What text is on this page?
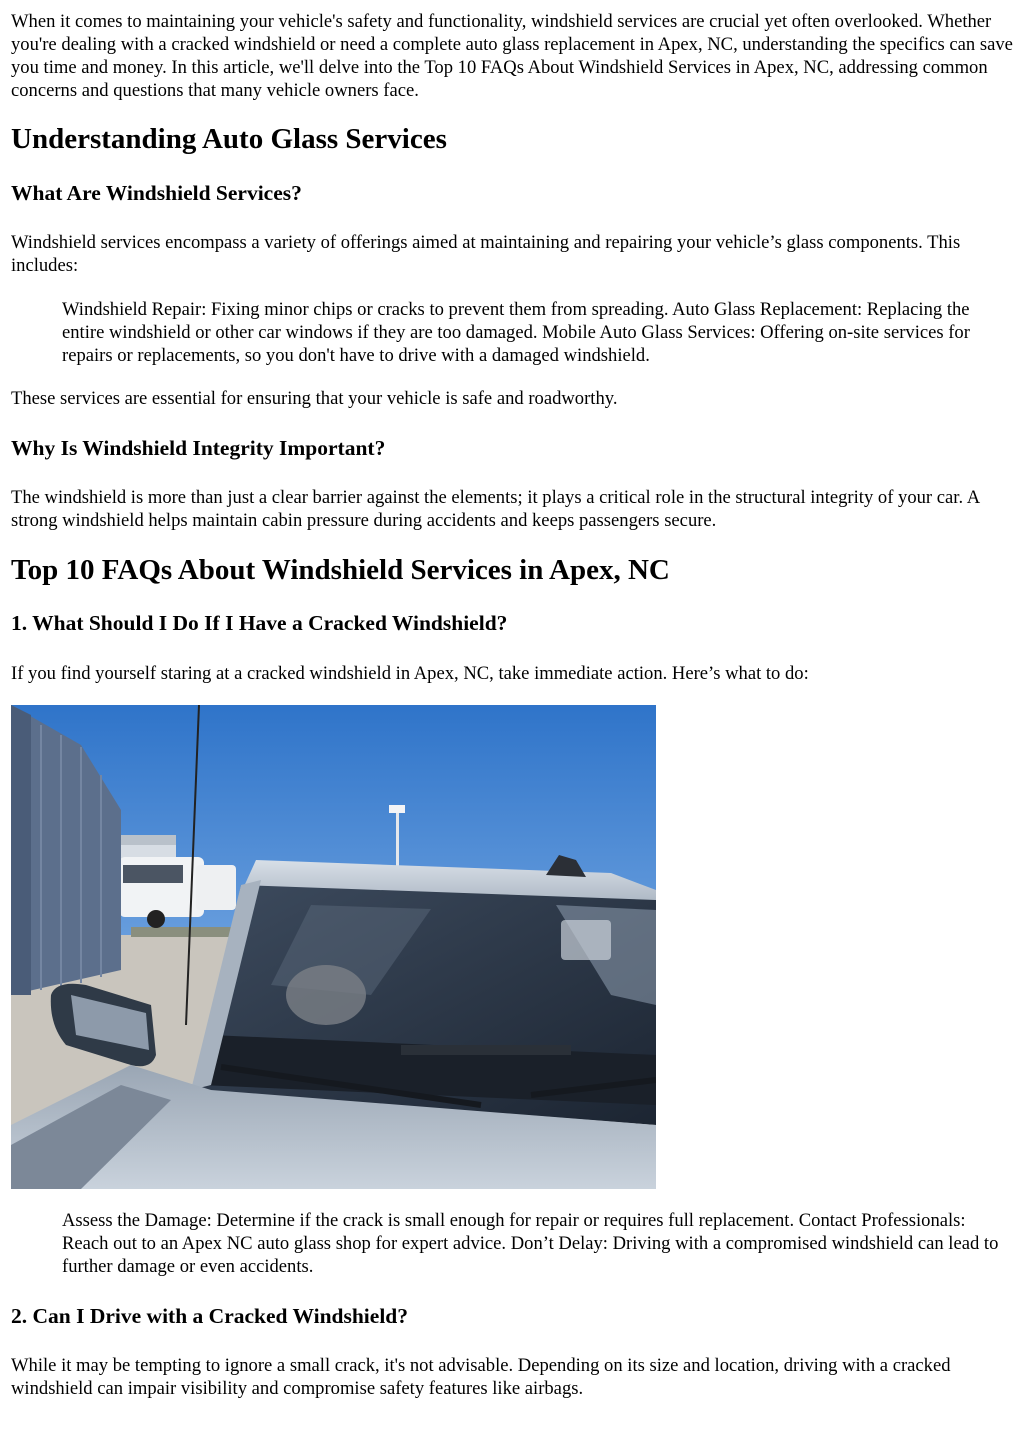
When it comes to maintaining your vehicle's safety and functionality, windshield services are crucial yet often overlooked. Whether you're dealing with a cracked windshield or need a complete auto glass replacement in Apex, NC, understanding the specifics can save you time and money. In this article, we'll delve into the Top 10 FAQs About Windshield Services in Apex, NC, addressing common concerns and questions that many vehicle owners face.

Understanding Auto Glass Services
What Are Windshield Services?

Windshield services encompass a variety of offerings aimed at maintaining and repairing your vehicle’s glass components. This includes:

Windshield Repair: Fixing minor chips or cracks to prevent them from spreading. Auto Glass Replacement: Replacing the entire windshield or other car windows if they are too damaged. Mobile Auto Glass Services: Offering on-site services for repairs or replacements, so you don't have to drive with a damaged windshield.

These services are essential for ensuring that your vehicle is safe and roadworthy.

Why Is Windshield Integrity Important?

The windshield is more than just a clear barrier against the elements; it plays a critical role in the structural integrity of your car. A strong windshield helps maintain cabin pressure during accidents and keeps passengers secure.

Top 10 FAQs About Windshield Services in Apex, NC
1. What Should I Do If I Have a Cracked Windshield?

If you find yourself staring at a cracked windshield in Apex, NC, take immediate action. Here’s what to do:

Assess the Damage: Determine if the crack is small enough for repair or requires full replacement. Contact Professionals: Reach out to an Apex NC auto glass shop for expert advice. Don’t Delay: Driving with a compromised windshield can lead to further damage or even accidents.
2. Can I Drive with a Cracked Windshield?

While it may be tempting to ignore a small crack, it's not advisable. Depending on its size and location, driving with a cracked windshield can impair visibility and compromise safety features like airbags.
